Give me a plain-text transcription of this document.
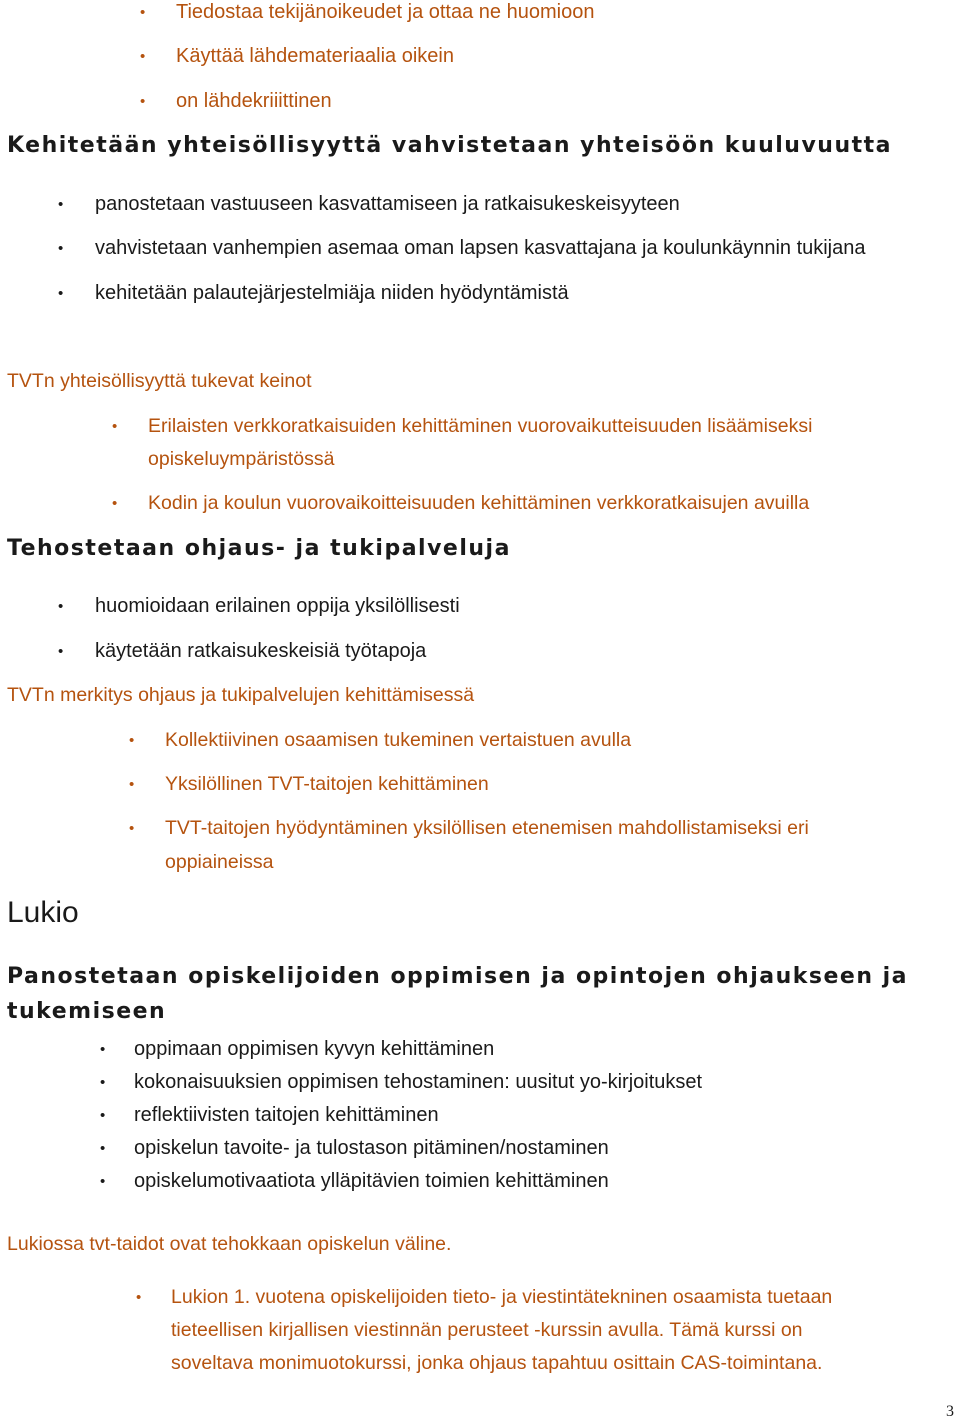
• Tiedostaa tekijänoikeudet ja ottaa ne huomioon
• Käyttää lähdemateriaalia oikein
• on lähdekriiittinen
Kehitetään yhteisöllisyyttä vahvistetaan yhteisöön kuuluvuutta
• panostetaan vastuuseen kasvattamiseen ja ratkaisukeskeisyyteen
• vahvistetaan vanhempien asemaa oman lapsen kasvattajana ja koulunkäynnin tukijana
• kehitetään palautejärjestelmiäja niiden hyödyntämistä
TVTn yhteisöllisyyttä tukevat keinot
• Erilaisten verkkoratkaisuiden kehittäminen vuorovaikutteisuuden lisäämiseksi
opiskeluympäristössä
• Kodin ja koulun vuorovaikoitteisuuden kehittäminen verkkoratkaisujen avuilla
Tehostetaan ohjaus- ja tukipalveluja
• huomioidaan erilainen oppija yksilöllisesti
• käytetään ratkaisukeskeisiä työtapoja
TVTn merkitys ohjaus ja tukipalvelujen kehittämisessä
• Kollektiivinen osaamisen tukeminen vertaistuen avulla
• Yksilöllinen TVT-taitojen kehittäminen
• TVT-taitojen hyödyntäminen yksilöllisen etenemisen mahdollistamiseksi eri
oppiaineissa
Lukio
Panostetaan opiskelijoiden oppimisen ja opintojen ohjaukseen ja
tukemiseen
• oppimaan oppimisen kyvyn kehittäminen
• kokonaisuuksien oppimisen tehostaminen: uusitut yo-kirjoitukset
• reflektiivisten taitojen kehittäminen
• opiskelun tavoite- ja tulostason pitäminen/nostaminen
• opiskelumotivaatiota ylläpitävien toimien kehittäminen
Lukiossa tvt-taidot ovat tehokkaan opiskelun väline.
• Lukion 1. vuotena opiskelijoiden tieto- ja viestintätekninen osaamista tuetaan
tieteellisen kirjallisen viestinnän perusteet -kurssin avulla. Tämä kurssi on
soveltava monimuotokurssi, jonka ohjaus tapahtuu osittain CAS-toimintana.
3
